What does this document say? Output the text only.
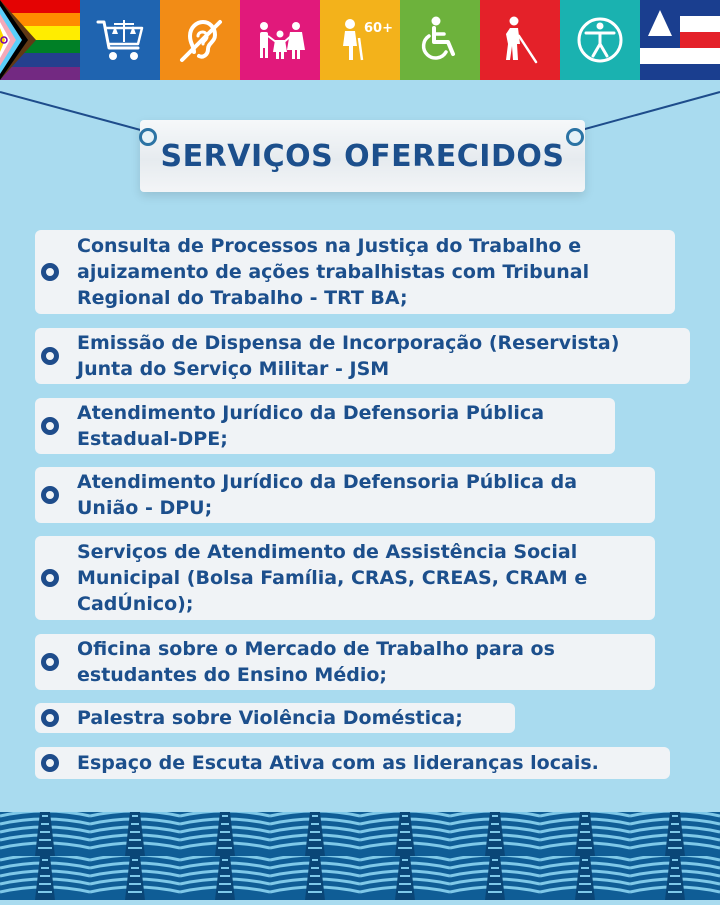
60+
SERVIÇOS OFERECIDOS
Consulta de Processos na Justiça do Trabalho e
ajuizamento de ações trabalhistas com Tribunal
Regional do Trabalho - TRT BA;
Emissão de Dispensa de Incorporação (Reservista)
Junta do Serviço Militar - JSM
Atendimento Jurídico da Defensoria Pública
Estadual-DPE;
Atendimento Jurídico da Defensoria Pública da
União - DPU;
Serviços de Atendimento de Assistência Social
Municipal (Bolsa Família, CRAS, CREAS, CRAM e
CadÚnico);
Oficina sobre o Mercado de Trabalho para os
estudantes do Ensino Médio;
Palestra sobre Violência Doméstica;
Espaço de Escuta Ativa com as lideranças locais.
